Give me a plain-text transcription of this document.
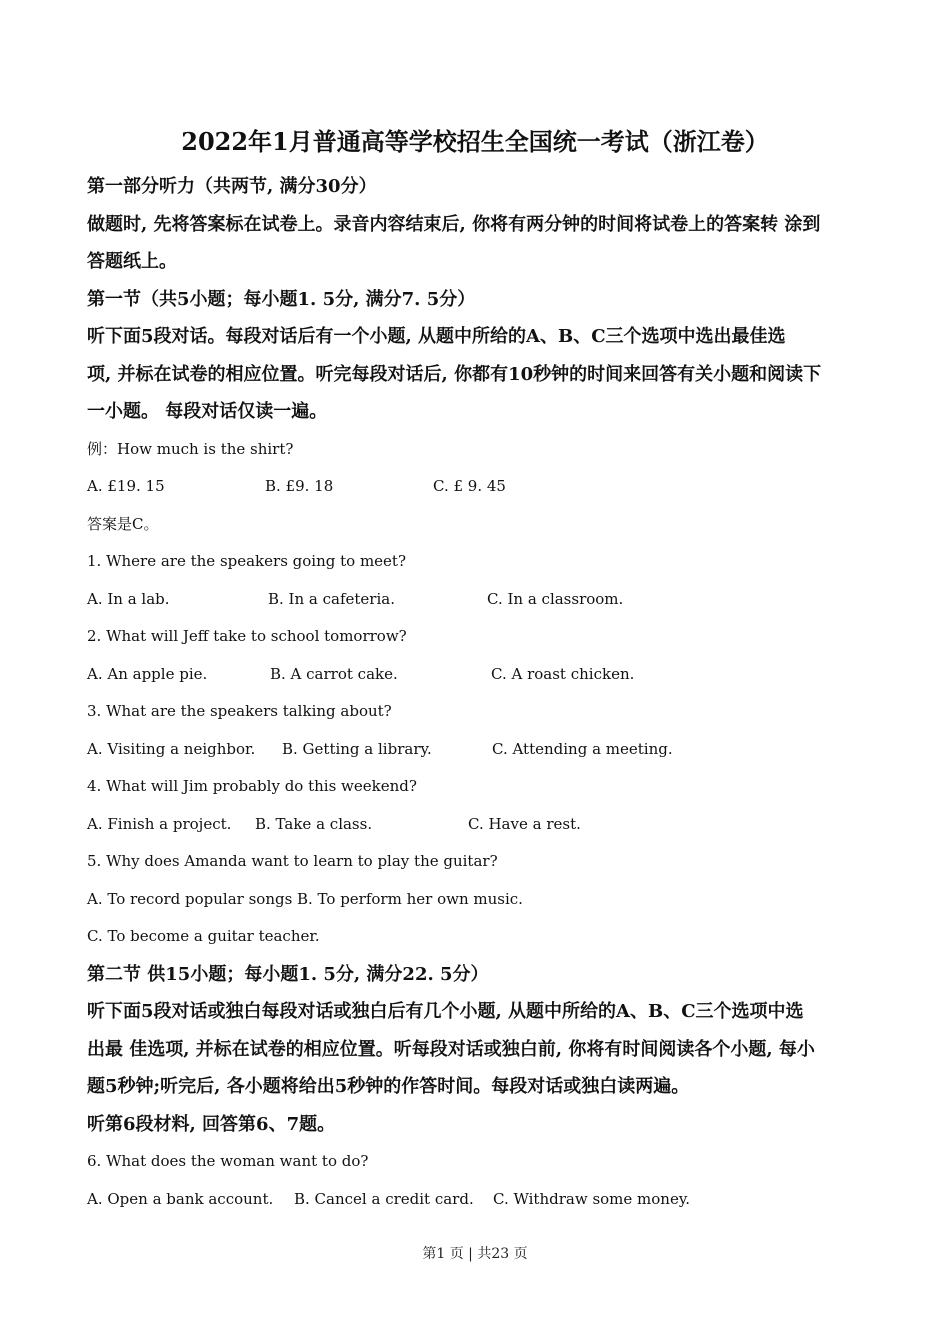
2022年1月普通高等学校招生全国统一考试（浙江卷）

第一部分听力（共两节, 满分30分）

做题时, 先将答案标在试卷上。录音内容结束后, 你将有两分钟的时间将试卷上的答案转 涂到

答题纸上。

第一节（共5小题；每小题1. 5分, 满分7. 5分）

听下面5段对话。每段对话后有一个小题, 从题中所给的A、B、C三个选项中选出最佳选

项, 并标在试卷的相应位置。听完每段对话后, 你都有10秒钟的时间来回答有关小题和阅读下

一小题。 每段对话仅读一遍。

例：How much is the shirt?

A. £19. 15	B. £9. 18	C. £ 9. 45

答案是C。

1. Where are the speakers going to meet?

A. In a lab.	B. In a cafeteria.	C. In a classroom.

2. What will Jeff take to school tomorrow?

A. An apple pie.	B. A carrot cake.	C. A roast chicken.

3. What are the speakers talking about?

A. Visiting a neighbor. B. Getting a library.	C. Attending a meeting.

4. What will Jim probably do this weekend?

A. Finish a project. B. Take a class.	C. Have a rest.

5. Why does Amanda want to learn to play the guitar?

A. To record popular songs B. To perform her own music.

C. To become a guitar teacher.

第二节 供15小题；每小题1. 5分, 满分22. 5分）

听下面5段对话或独白每段对话或独白后有几个小题, 从题中所给的A、B、C三个选项中选

出最 佳选项, 并标在试卷的相应位置。听每段对话或独白前, 你将有时间阅读各个小题, 每小

题5秒钟;听完后, 各小题将给出5秒钟的作答时间。每段对话或独白读两遍。

听第6段材料, 回答第6、7题。

6. What does the woman want to do?

A. Open a bank account. B. Cancel a credit card. C. Withdraw some money.
第1 页 | 共23 页
